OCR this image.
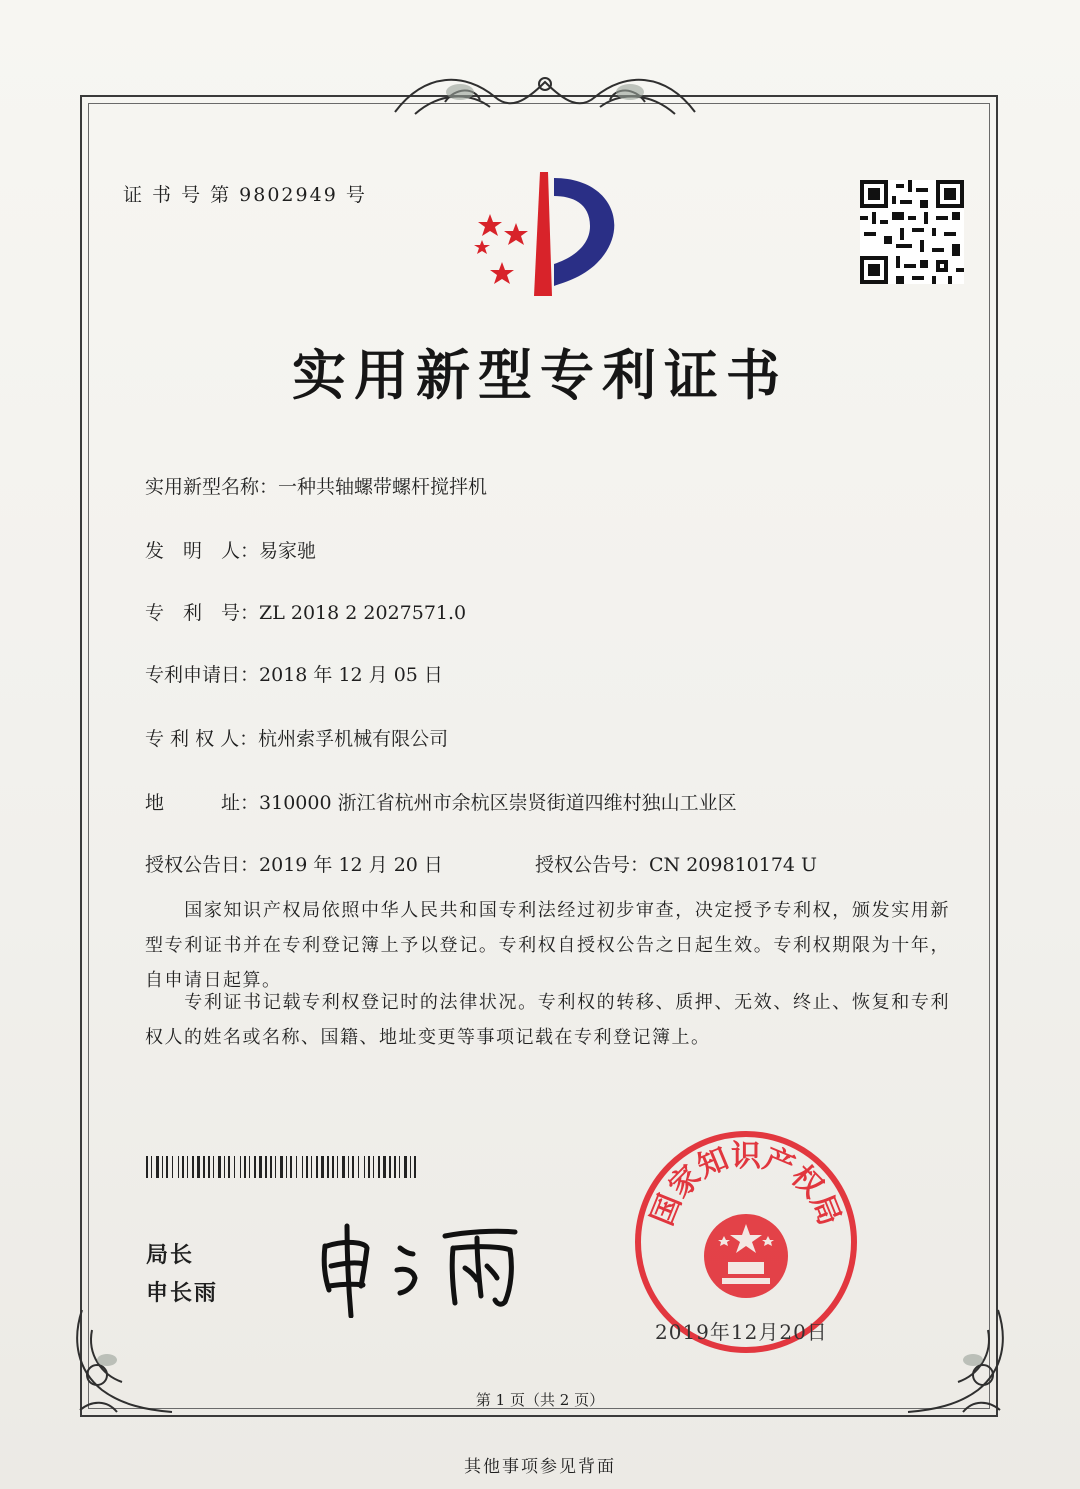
证 书 号 第 9802949 号
实用新型专利证书
实用新型名称：一种共轴螺带螺杆搅拌机
发　明　人：易家驰
专　利　号：ZL 2018 2 2027571.0
专利申请日：2018 年 12 月 05 日
专 利 权 人：杭州索孚机械有限公司
地　　　址：310000 浙江省杭州市余杭区崇贤街道四维村独山工业区
授权公告日：2019 年 12 月 20 日	授权公告号：CN 209810174 U
　　国家知识产权局依照中华人民共和国专利法经过初步审查，决定授予专利权，颁发实用新型专利证书并在专利登记簿上予以登记。专利权自授权公告之日起生效。专利权期限为十年，自申请日起算。
　　专利证书记载专利权登记时的法律状况。专利权的转移、质押、无效、终止、恢复和专利权人的姓名或名称、国籍、地址变更等事项记载在专利登记簿上。
局长
申长雨
国家知识产权局
2019年12月20日
第 1 页（共 2 页）
其他事项参见背面
